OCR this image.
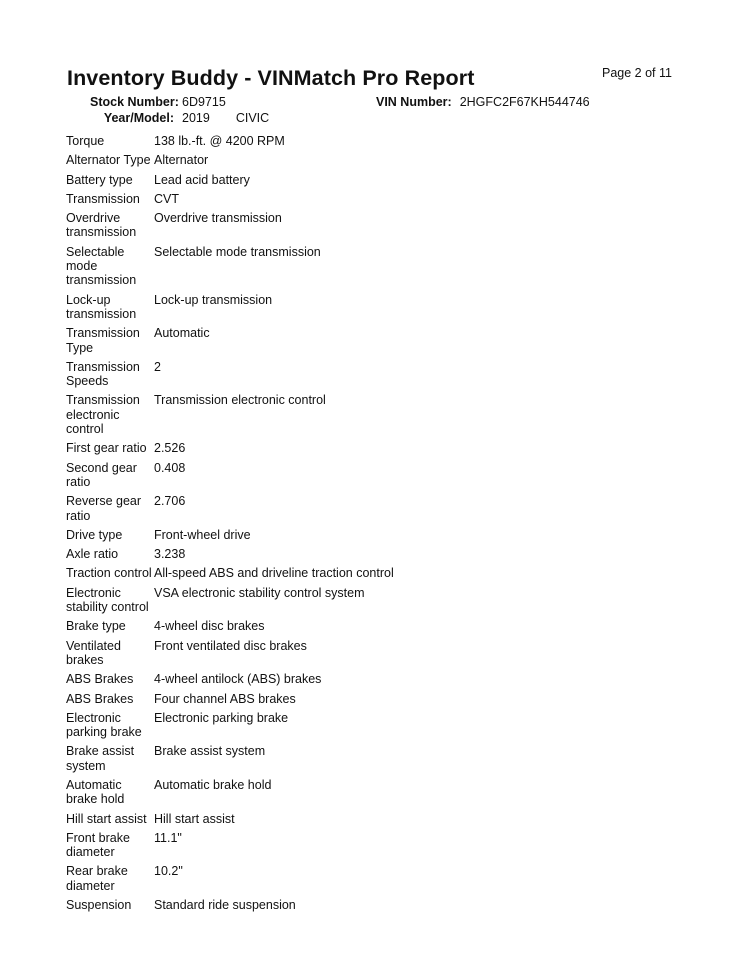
Inventory Buddy - VINMatch Pro Report	Page 2 of 11
Stock Number: 6D9715
Year/Model: 2019 CIVIC
VIN Number: 2HGFC2F67KH544746
Torque	138 lb.-ft. @ 4200 RPM
Alternator Type	Alternator
Battery type	Lead acid battery
Transmission	CVT
Overdrive transmission	Overdrive transmission
Selectable mode transmission	Selectable mode transmission
Lock-up transmission	Lock-up transmission
Transmission Type	Automatic
Transmission Speeds	2
Transmission electronic control	Transmission electronic control
First gear ratio	2.526
Second gear ratio	0.408
Reverse gear ratio	2.706
Drive type	Front-wheel drive
Axle ratio	3.238
Traction control	All-speed ABS and driveline traction control
Electronic stability control	VSA electronic stability control system
Brake type	4-wheel disc brakes
Ventilated brakes	Front ventilated disc brakes
ABS Brakes	4-wheel antilock (ABS) brakes
ABS Brakes	Four channel ABS brakes
Electronic parking brake	Electronic parking brake
Brake assist system	Brake assist system
Automatic brake hold	Automatic brake hold
Hill start assist	Hill start assist
Front brake diameter	11.1"
Rear brake diameter	10.2"
Suspension	Standard ride suspension
